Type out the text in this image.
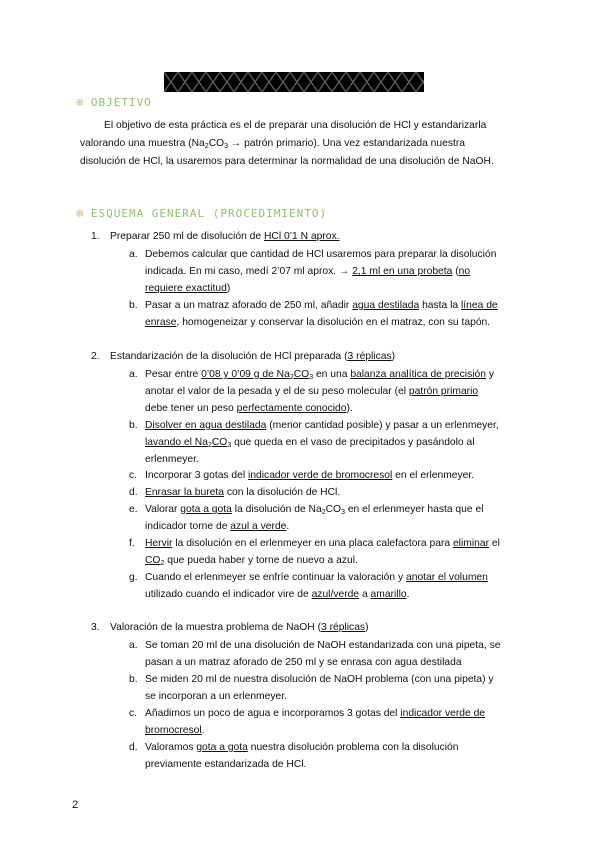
❊ OBJETIVO
El objetivo de esta práctica es el de preparar una disolución de HCl y estandarizarla
valorando una muestra ($Na_2CO_3$ → patrón primario). Una vez estandarizada nuestra
disolución de HCl, la usaremos para determinar la normalidad de una disolución de NaOH.
❊ ESQUEMA GENERAL (PROCEDIMIENTO)
1.	Preparar 250 ml de disolución de HCl 0’1 N aprox.
a. Debemos calcular que cantidad de HCl usaremos para preparar la disolución
indicada. En mi caso, medí 2’07 ml aprox. → 2,1 ml en una probeta (no
requiere exactitud)
b. Pasar a un matraz aforado de 250 ml, añadir agua destilada hasta la línea de
enrase, homogeneizar y conservar la disolución en el matraz, con su tapón.
2.	Estandarización de la disolución de HCl preparada (3 réplicas)
a. Pesar entre 0’08 y 0’09 g de $Na_2CO_3$ en una balanza analítica de precisión y
anotar el valor de la pesada y el de su peso molecular (el patrón primario
debe tener un peso perfectamente conocido).
b. Disolver en agua destilada (menor cantidad posible) y pasar a un erlenmeyer,
lavando el $Na_2CO_3$ que queda en el vaso de precipitados y pasándolo al
erlenmeyer.
c. Incorporar 3 gotas del indicador verde de bromocresol en el erlenmeyer.
d. Enrasar la bureta con la disolución de HCl.
e. Valorar gota a gota la disolución de $Na_2CO_3$ en el erlenmeyer hasta que el
indicador torne de azul a verde.
f. Hervir la disolución en el erlenmeyer en una placa calefactora para eliminar el
$CO_2$ que pueda haber y torne de nuevo a azul.
g. Cuando el erlenmeyer se enfríe continuar la valoración y anotar el volumen
utilizado cuando el indicador vire de azul/verde a amarillo.
3.	Valoración de la muestra problema de NaOH (3 réplicas)
a. Se toman 20 ml de una disolución de NaOH estandarizada con una pipeta, se
pasan a un matraz aforado de 250 ml y se enrasa con agua destilada
b. Se miden 20 ml de nuestra disolución de NaOH problema (con una pipeta) y
se incorporan a un erlenmeyer.
c. Añadimos un poco de agua e incorporamos 3 gotas del indicador verde de
bromocresol.
d. Valoramos gota a gota nuestra disolución problema con la disolución
previamente estandarizada de HCl.
2
